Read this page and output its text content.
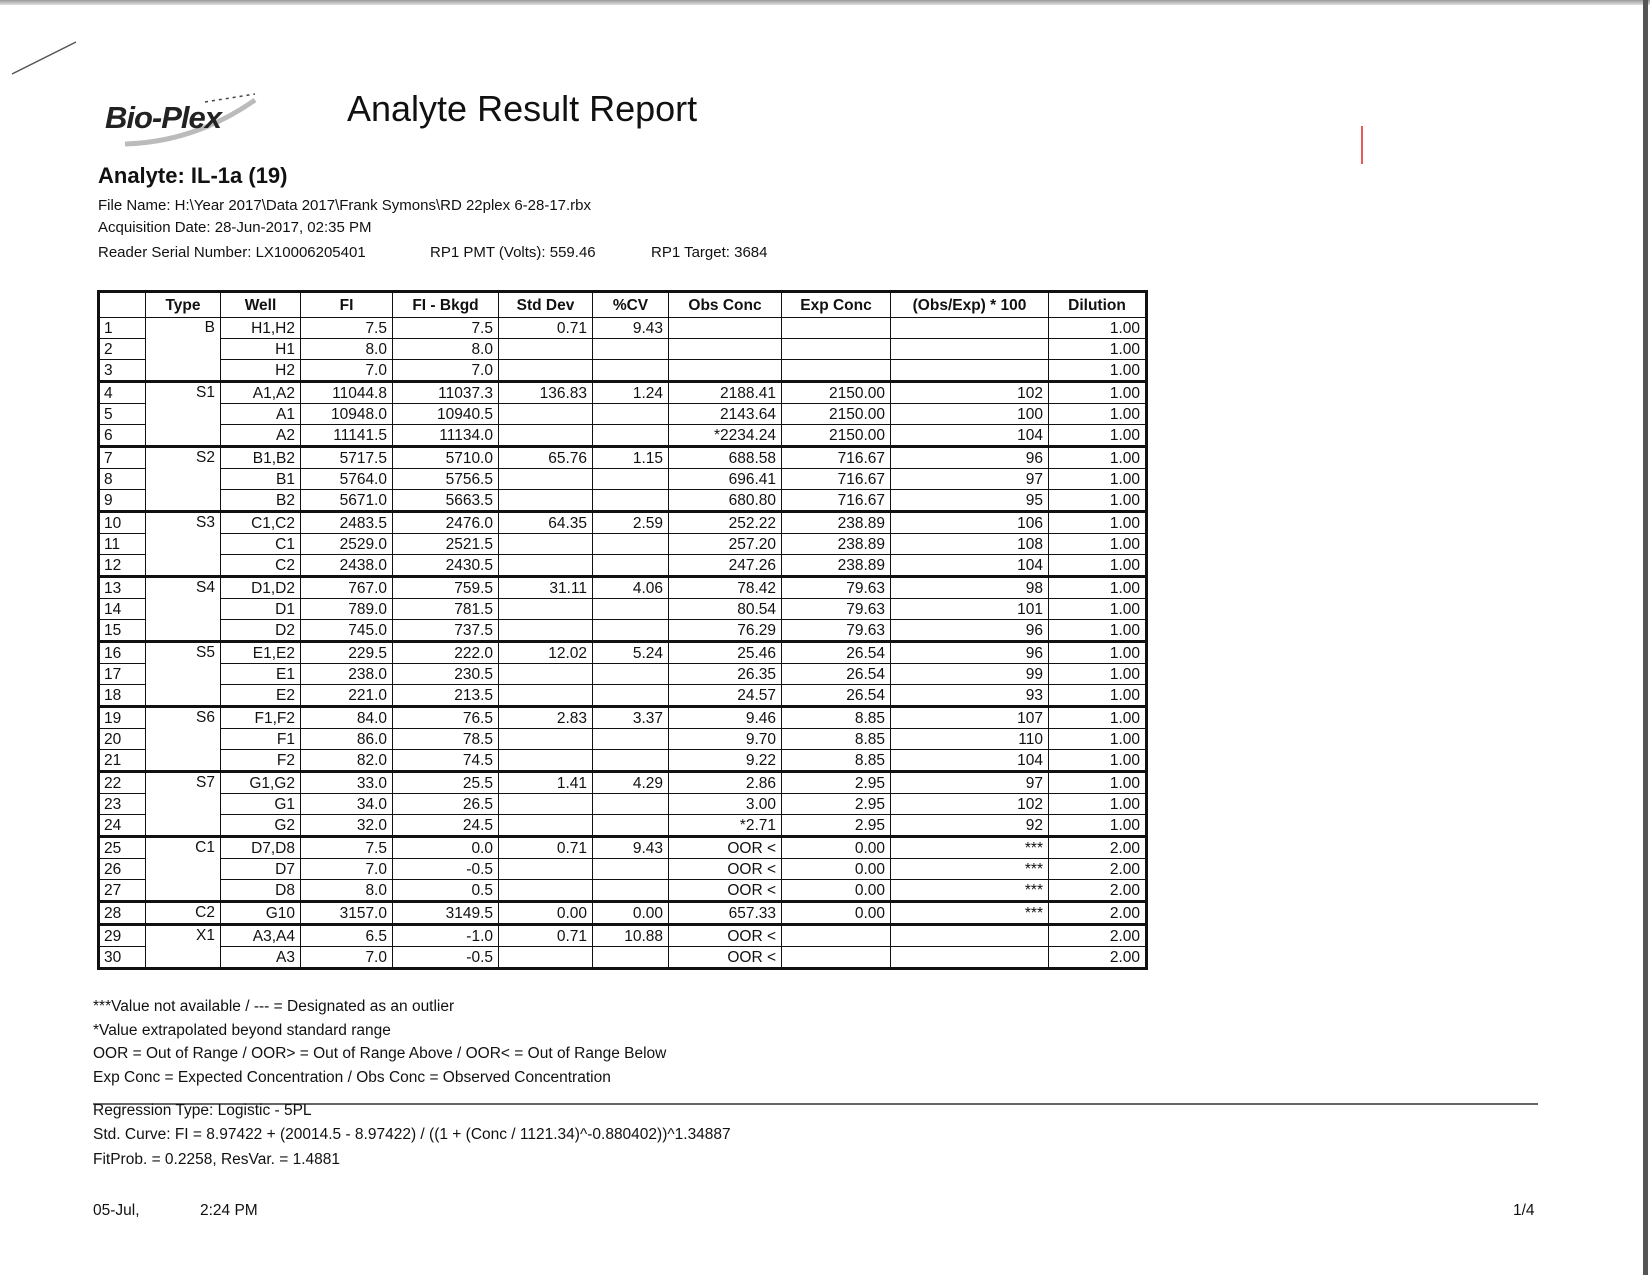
Bio-Plex	Analyte Result Report
Analyte: IL-1a (19)
File Name: H:\Year 2017\Data 2017\Frank Symons\RD 22plex 6-28-17.rbx
Acquisition Date: 28-Jun-2017, 02:35 PM
Reader Serial Number: LX10006205401	RP1 PMT (Volts): 559.46	RP1 Target: 3684
	Type	Well	FI	FI - Bkgd	Std Dev	%CV	Obs Conc	Exp Conc	(Obs/Exp) * 100	Dilution
1	B	H1,H2	7.5	7.5	0.71	9.43				1.00
2		H1	8.0	8.0						1.00
3		H2	7.0	7.0						1.00
4	S1	A1,A2	11044.8	11037.3	136.83	1.24	2188.41	2150.00	102	1.00
5		A1	10948.0	10940.5			2143.64	2150.00	100	1.00
6		A2	11141.5	11134.0			*2234.24	2150.00	104	1.00
7	S2	B1,B2	5717.5	5710.0	65.76	1.15	688.58	716.67	96	1.00
8		B1	5764.0	5756.5			696.41	716.67	97	1.00
9		B2	5671.0	5663.5			680.80	716.67	95	1.00
10	S3	C1,C2	2483.5	2476.0	64.35	2.59	252.22	238.89	106	1.00
11		C1	2529.0	2521.5			257.20	238.89	108	1.00
12		C2	2438.0	2430.5			247.26	238.89	104	1.00
13	S4	D1,D2	767.0	759.5	31.11	4.06	78.42	79.63	98	1.00
14		D1	789.0	781.5			80.54	79.63	101	1.00
15		D2	745.0	737.5			76.29	79.63	96	1.00
16	S5	E1,E2	229.5	222.0	12.02	5.24	25.46	26.54	96	1.00
17		E1	238.0	230.5			26.35	26.54	99	1.00
18		E2	221.0	213.5			24.57	26.54	93	1.00
19	S6	F1,F2	84.0	76.5	2.83	3.37	9.46	8.85	107	1.00
20		F1	86.0	78.5			9.70	8.85	110	1.00
21		F2	82.0	74.5			9.22	8.85	104	1.00
22	S7	G1,G2	33.0	25.5	1.41	4.29	2.86	2.95	97	1.00
23		G1	34.0	26.5			3.00	2.95	102	1.00
24		G2	32.0	24.5			*2.71	2.95	92	1.00
25	C1	D7,D8	7.5	0.0	0.71	9.43	OOR <	0.00	***	2.00
26		D7	7.0	-0.5			OOR <	0.00	***	2.00
27		D8	8.0	0.5			OOR <	0.00	***	2.00
28	C2	G10	3157.0	3149.5	0.00	0.00	657.33	0.00	***	2.00
29	X1	A3,A4	6.5	-1.0	0.71	10.88	OOR <			2.00
30		A3	7.0	-0.5			OOR <			2.00
***Value not available / --- = Designated as an outlier
*Value extrapolated beyond standard range
OOR = Out of Range / OOR> = Out of Range Above / OOR< = Out of Range Below
Exp Conc = Expected Concentration / Obs Conc = Observed Concentration
Regression Type: Logistic - 5PL
Std. Curve: FI = 8.97422 + (20014.5 - 8.97422) / ((1 + (Conc / 1121.34)^-0.880402))^1.34887
FitProb. = 0.2258, ResVar. = 1.4881
05-Jul,	2:24 PM	1/4
